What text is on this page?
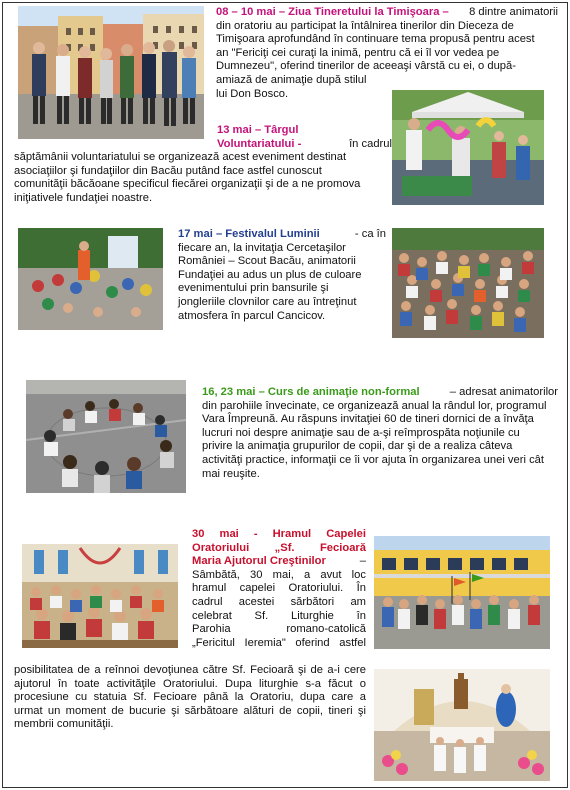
08 – 10 mai – Ziua Tineretului la Timişoara – 8 dintre animatorii
din oratoriu au participat la întâlnirea tinerilor din Dieceza de
Timişoara aprofundând în continuare tema propusă pentru acest
an "Fericiţi cei curaţi la inimă, pentru că ei îl vor vedea pe
Dumnezeu", oferind tinerilor de aceeaşi vârstă cu ei, o după-
amiază de animaţie după stilul
lui Don Bosco.
13 mai – Târgul
Voluntariatului -	în cadrul
săptămânii voluntariatului se organizează acest eveniment destinat
asociaţiilor şi fundaţiilor din Bacău putând face astfel cunoscut
comunităţii băcăoane specificul fiecărei organizaţii şi de a ne promova
iniţiativele fundaţiei noastre.
17 mai – Festivalul Luminii	- ca în
fiecare an, la invitaţia Cercetaşilor
României – Scout Bacău, animatorii
Fundaţiei au adus un plus de culoare
evenimentului prin bansurile şi
jongleriile clovnilor care au întreţinut
atmosfera în parcul Cancicov.
16, 23 mai – Curs de animaţie non-formal	– adresat animatorilor
din parohiile învecinate, ce organizează anual la rândul lor, programul
Vara Împreună. Au răspuns invitaţiei 60 de tineri dornici de a învăţa
lucruri noi despre animaţie sau de a-şi reîmprospăta noţiunile cu
privire la animaţia grupurilor de copii, dar şi de a realiza câteva
activităţi practice, informaţii ce îi vor ajuta în organizarea unei veri cât
mai reuşite.
30 mai - Hramul Capelei
Oratoriului „Sf. Fecioară
Maria Ajutorul Creştinilor	–
Sâmbătă, 30 mai, a avut loc
hramul capelei Oratoriului. În
cadrul acestei sărbători am
celebrat Sf. Liturghie în
Parohia romano-catolică
„Fericitul Ieremia" oferind astfel
posibilitatea de a reînnoi devoţiunea către Sf. Fecioară şi de a-i cere
ajutorul în toate activităţile Oratoriului. Dupa liturghie s-a făcut o
procesiune cu statuia Sf. Fecioare până la Oratoriu, dupa care a
urmat un moment de bucurie şi sărbătoare alături de copii, tineri şi
membrii comunităţii.
